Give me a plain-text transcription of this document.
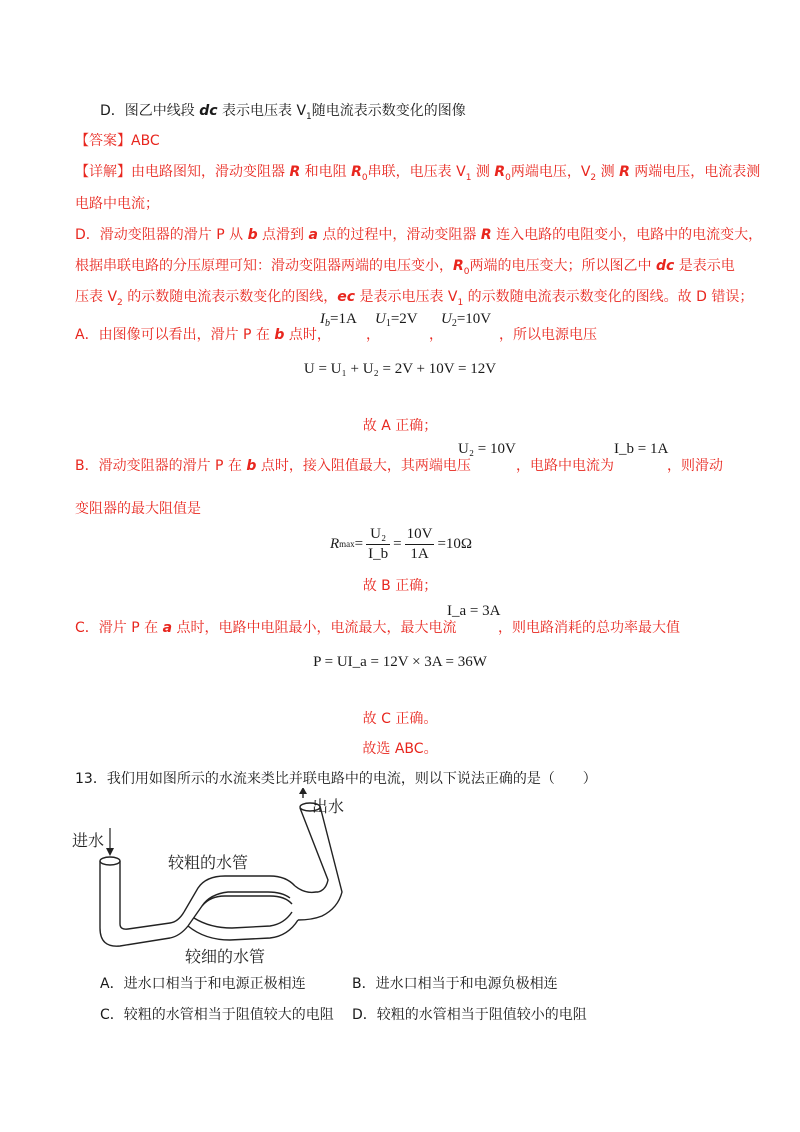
D．图乙中线段 dc 表示电压表 $V_1$随电流表示数变化的图像
【答案】ABC
【详解】由电路图知，滑动变阻器 R 和电阻 $R_0$串联，电压表 $V_1$ 测 $R_0$两端电压，$V_2$ 测 R 两端电压，电流表测
电路中电流；
D．滑动变阻器的滑片 P 从 b 点滑到 a 点的过程中，滑动变阻器 R 连入电路的电阻变小，电路中的电流变大，
根据串联电路的分压原理可知：滑动变阻器两端的电压变小，$R_0$两端的电压变大；所以图乙中 dc 是表示电
压表 $V_2$ 的示数随电流表示数变化的图线，ec 是表示电压表 $V_1$ 的示数随电流表示数变化的图线。故 D 错误；
A．由图像可以看出，滑片 P 在 b 点时，
$I_b=1A$
，
$U_1=2V$
，
$U_2=10V$
，所以电源电压
U = U₁ + U₂ = 2V + 10V = 12V
故 A 正确；
B．滑动变阻器的滑片 P 在 b 点时，接入阻值最大，其两端电压
U₂ = 10V
，电路中电流为
I_b = 1A
，则滑动
变阻器的最大阻值是
R $\max = \frac{\text{U₂}}{I\_b} = \frac{10V}{1A} =10\Omega$
故 B 正确；
C．滑片 P 在 a 点时，电路中电阻最小，电流最大，最大电流
I_a = 3A
，则电路消耗的总功率最大值
P = UI_a = 12V × 3A = 36W
故 C 正确。
故选 ABC。
13．我们用如图所示的水流来类比并联电路中的电流，则以下说法正确的是（　　）
进水
出水
较粗的水管
较细的水管
A．进水口相当于和电源正极相连	B．进水口相当于和电源负极相连
C．较粗的水管相当于阻值较大的电阻 D．较粗的水管相当于阻值较小的电阻
